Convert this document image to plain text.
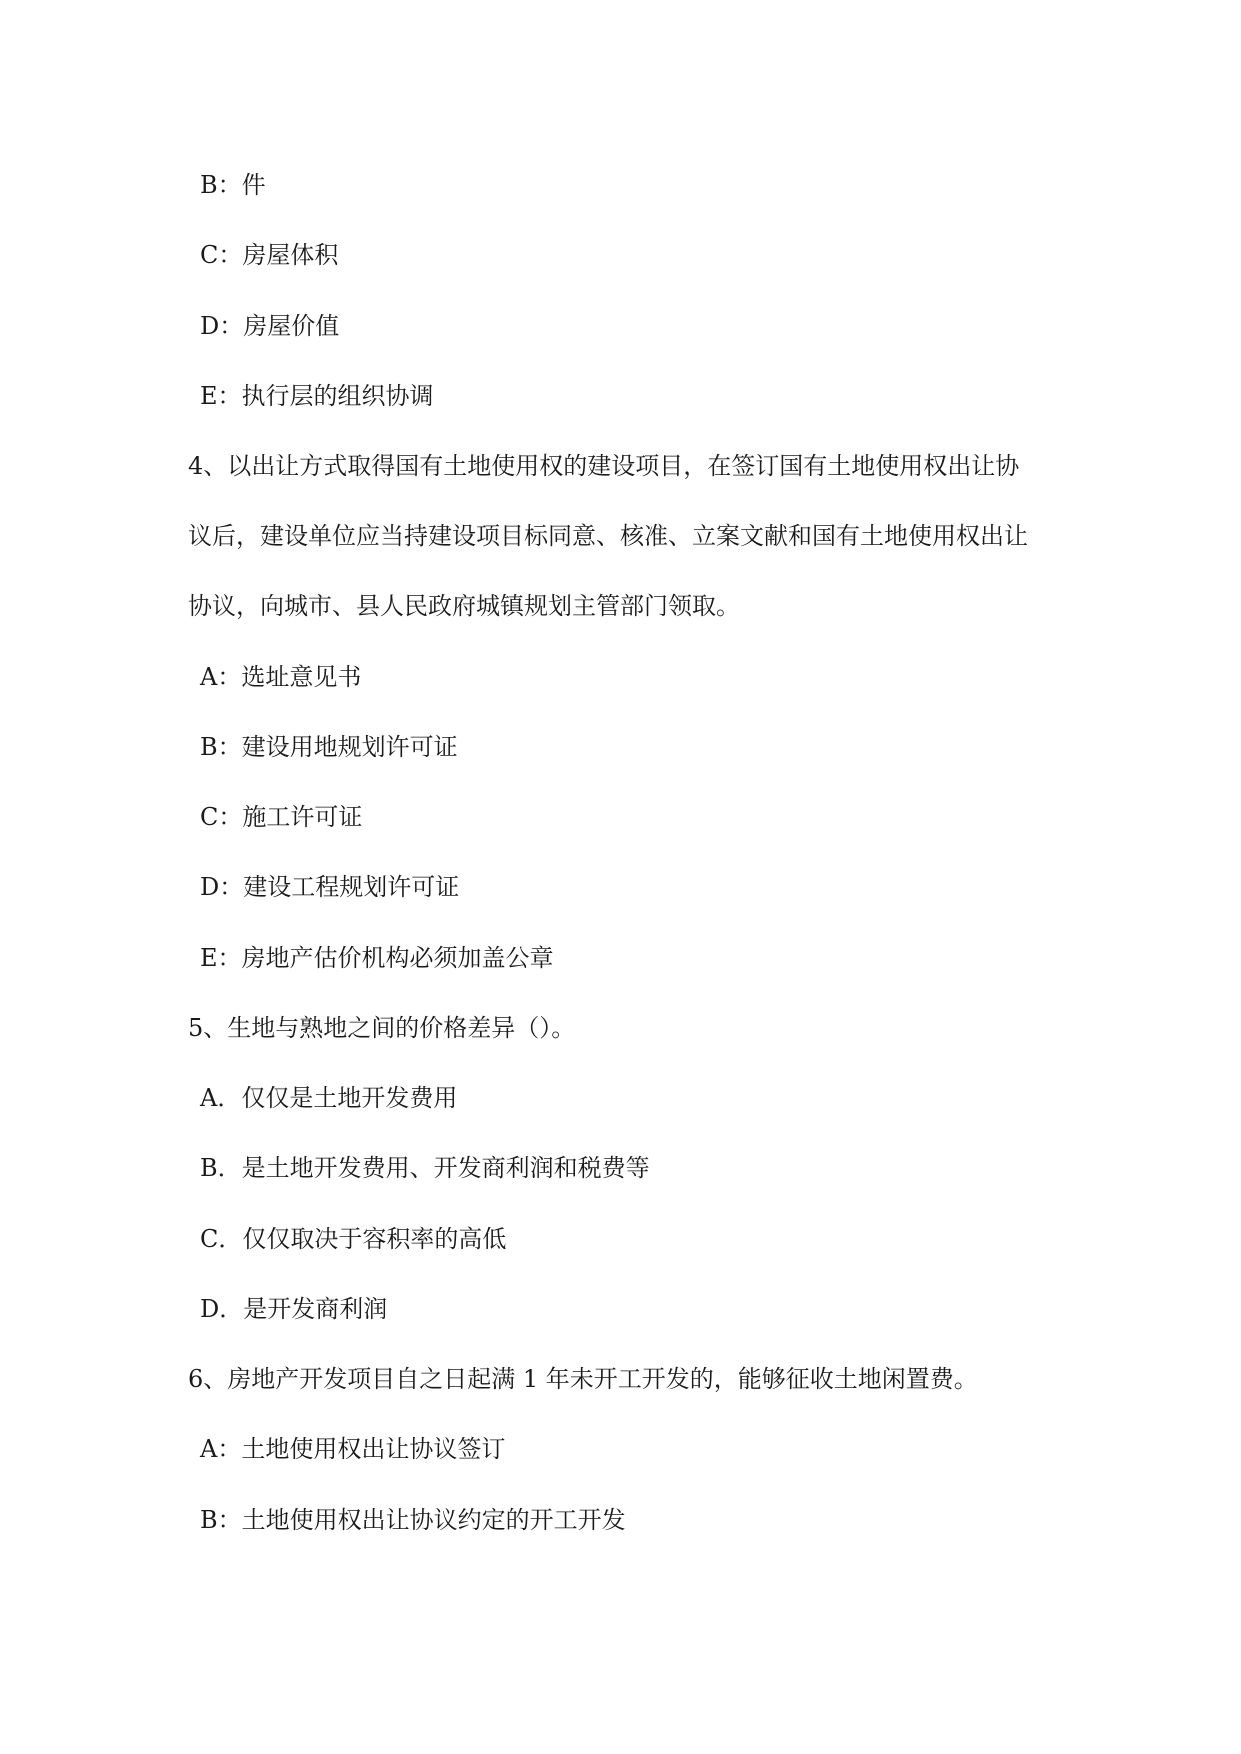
B：件
C：房屋体积
D：房屋价值
E：执行层的组织协调
4、以出让方式取得国有土地使用权的建设项目，在签订国有土地使用权出让协
议后，建设单位应当持建设项目标同意、核准、立案文献和国有土地使用权出让
协议，向城市、县人民政府城镇规划主管部门领取。
A：选址意见书
B：建设用地规划许可证
C：施工许可证
D：建设工程规划许可证
E：房地产估价机构必须加盖公章
5、生地与熟地之间的价格差异（）。
A．仅仅是土地开发费用
B．是土地开发费用、开发商利润和税费等
C．仅仅取决于容积率的高低
D．是开发商利润
6、房地产开发项目自之日起满 1 年未开工开发的，能够征收土地闲置费。
A：土地使用权出让协议签订
B：土地使用权出让协议约定的开工开发
